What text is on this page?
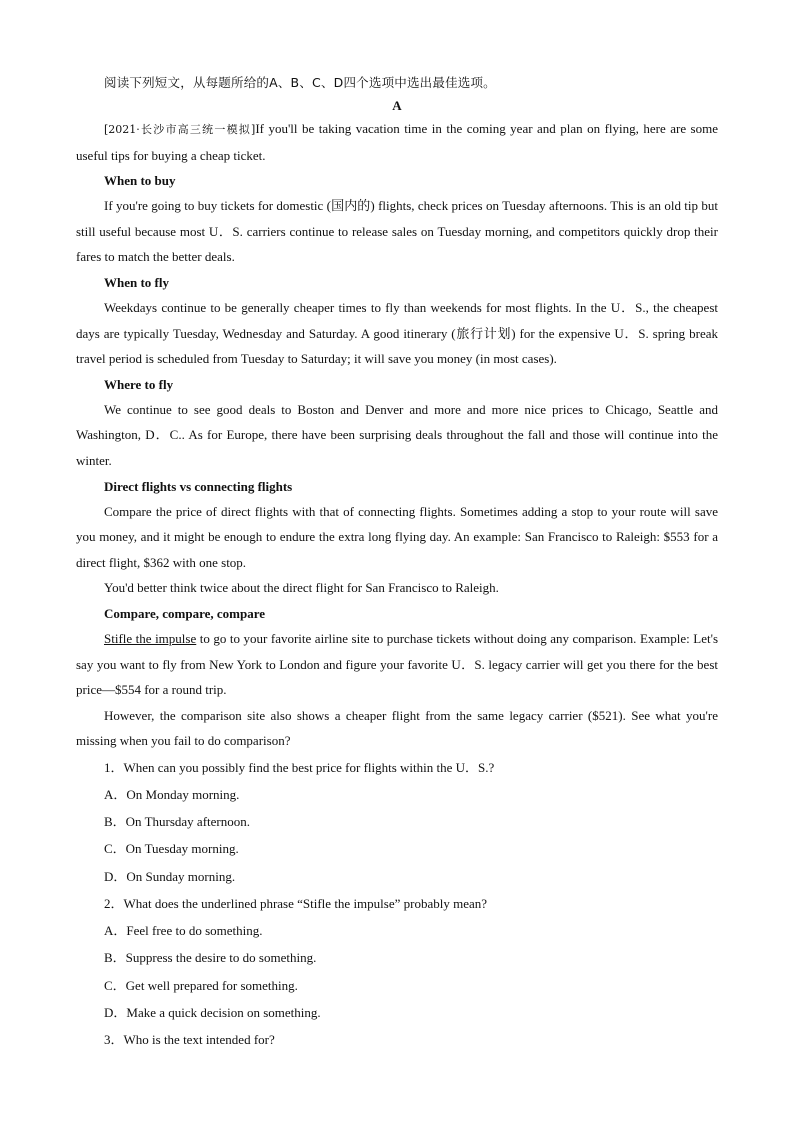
阅读下列短文，从每题所给的A、B、C、D四个选项中选出最佳选项。

A

[2021·长沙市高三统一模拟]If you'll be taking vacation time in the coming year and plan on flying, here are some useful tips for buying a cheap ticket.

When to buy

If you're going to buy tickets for domestic (国内的) flights, check prices on Tuesday afternoons. This is an old tip but still useful because most U．S. carriers continue to release sales on Tuesday morning, and competitors quickly drop their fares to match the better deals.

When to fly

Weekdays continue to be generally cheaper times to fly than weekends for most flights. In the U．S., the cheapest days are typically Tuesday, Wednesday and Saturday. A good itinerary (旅行计划) for the expensive U．S. spring break travel period is scheduled from Tuesday to Saturday; it will save you money (in most cases).

Where to fly

We continue to see good deals to Boston and Denver and more and more nice prices to Chicago, Seattle and Washington, D．C.. As for Europe, there have been surprising deals throughout the fall and those will continue into the winter.

Direct flights vs connecting flights

Compare the price of direct flights with that of connecting flights. Sometimes adding a stop to your route will save you money, and it might be enough to endure the extra long flying day. An example: San Francisco to Raleigh: $553 for a direct flight, $362 with one stop.

You'd better think twice about the direct flight for San Francisco to Raleigh.

Compare, compare, compare

Stifle the impulse to go to your favorite airline site to purchase tickets without doing any comparison. Example: Let's say you want to fly from New York to London and figure your favorite U．S. legacy carrier will get you there for the best price—$554 for a round trip.

However, the comparison site also shows a cheaper flight from the same legacy carrier ($521). See what you're missing when you fail to do comparison?

1．When can you possibly find the best price for flights within the U．S.?

A．On Monday morning.

B．On Thursday afternoon.

C．On Tuesday morning.

D．On Sunday morning.

2．What does the underlined phrase “Stifle the impulse” probably mean?

A．Feel free to do something.

B．Suppress the desire to do something.

C．Get well prepared for something.

D．Make a quick decision on something.

3．Who is the text intended for?
